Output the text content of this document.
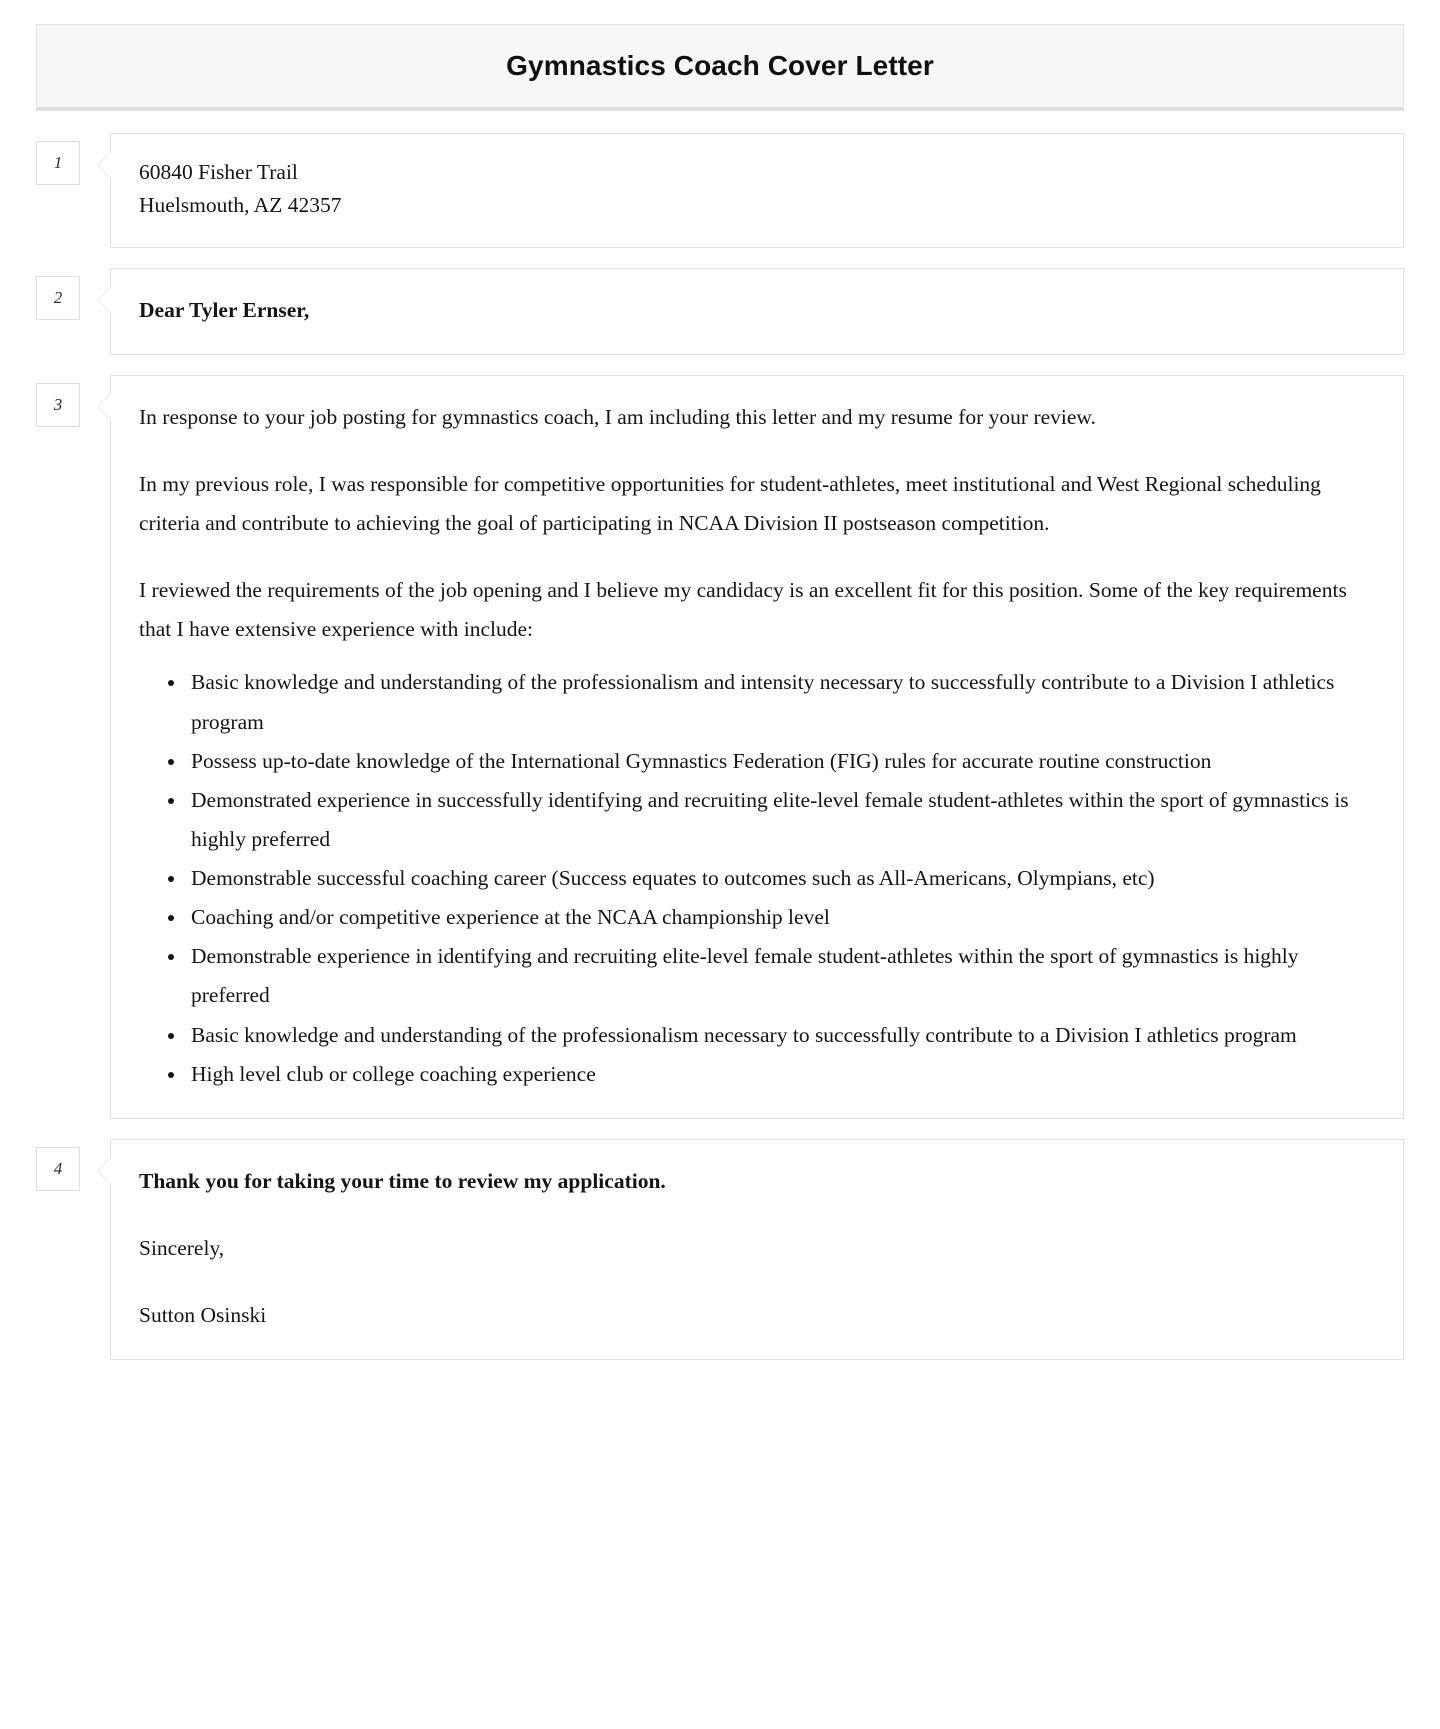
Gymnastics Coach Cover Letter
1	60840 Fisher Trail

Huelsmouth, AZ 42357

2

Dear Tyler Ernser,

3

In response to your job posting for gymnastics coach, I am including this letter and my resume for your review.

In my previous role, I was responsible for competitive opportunities for student-athletes, meet institutional and West Regional scheduling criteria and contribute to achieving the goal of participating in NCAA Division II postseason competition.

I reviewed the requirements of the job opening and I believe my candidacy is an excellent fit for this position. Some of the key requirements that I have extensive experience with include:

• Basic knowledge and understanding of the professionalism and intensity necessary to successfully contribute to a Division I athletics program
• Possess up-to-date knowledge of the International Gymnastics Federation (FIG) rules for accurate routine construction
• Demonstrated experience in successfully identifying and recruiting elite-level female student-athletes within the sport of gymnastics is highly preferred
• Demonstrable successful coaching career (Success equates to outcomes such as All-Americans, Olympians, etc)
• Coaching and/or competitive experience at the NCAA championship level
• Demonstrable experience in identifying and recruiting elite-level female student-athletes within the sport of gymnastics is highly preferred
• Basic knowledge and understanding of the professionalism necessary to successfully contribute to a Division I athletics program
• High level club or college coaching experience
4

Thank you for taking your time to review my application.

Sincerely,

Sutton Osinski
